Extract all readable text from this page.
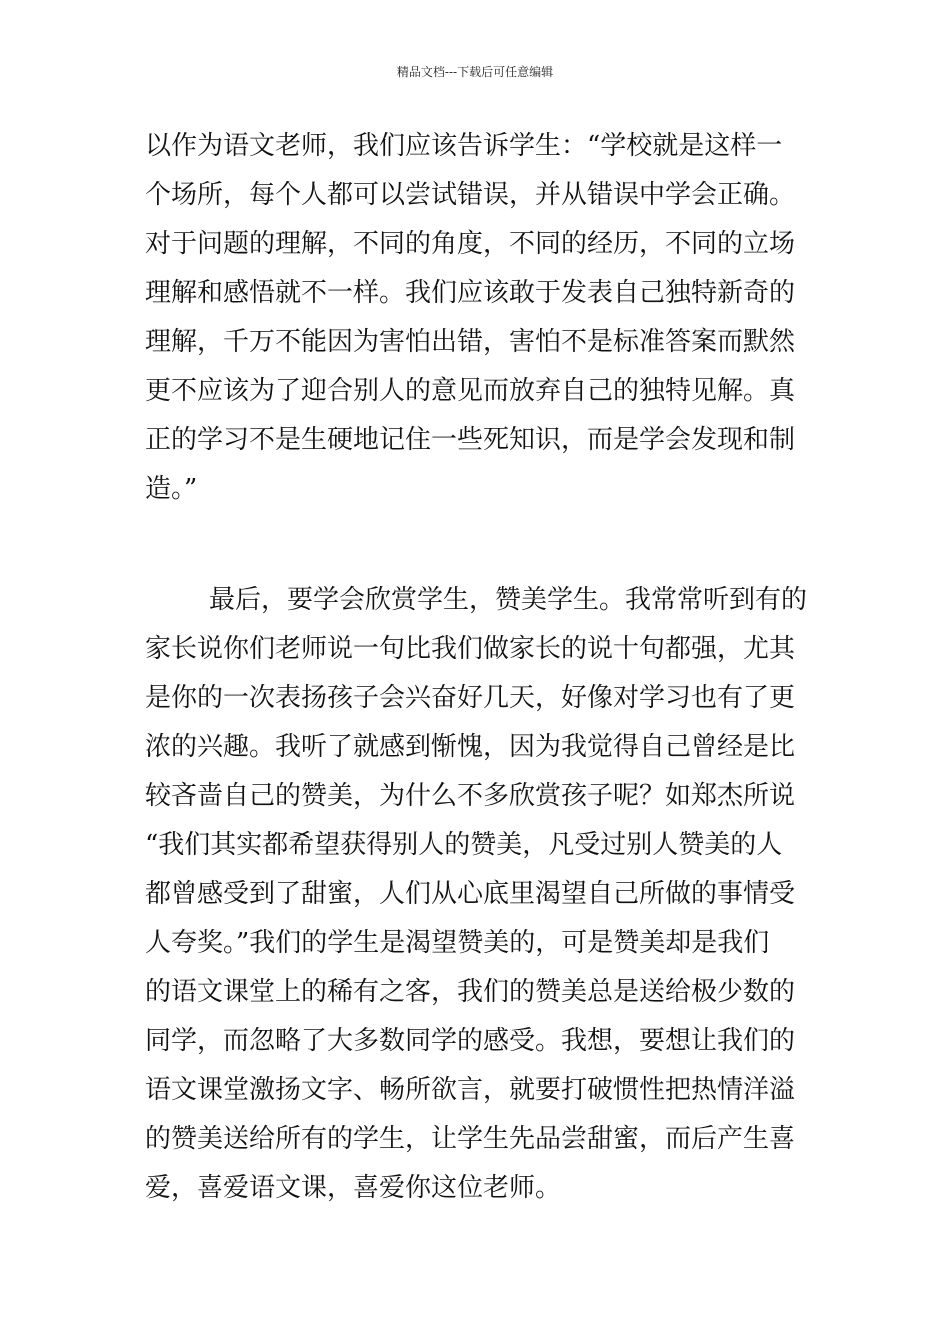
精品文档---下载后可任意编辑
以作为语文老师，我们应该告诉学生：“学校就是这样一
个场所，每个人都可以尝试错误，并从错误中学会正确。
对于问题的理解，不同的角度，不同的经历，不同的立场
理解和感悟就不一样。我们应该敢于发表自己独特新奇的
理解，千万不能因为害怕出错，害怕不是标准答案而默然
更不应该为了迎合别人的意见而放弃自己的独特见解。真
正的学习不是生硬地记住一些死知识，而是学会发现和制
造。”
最后，要学会欣赏学生，赞美学生。我常常听到有的
家长说你们老师说一句比我们做家长的说十句都强，尤其
是你的一次表扬孩子会兴奋好几天，好像对学习也有了更
浓的兴趣。我听了就感到惭愧，因为我觉得自己曾经是比
较吝啬自己的赞美，为什么不多欣赏孩子呢？如郑杰所说
“我们其实都希望获得别人的赞美，凡受过别人赞美的人
都曾感受到了甜蜜，人们从心底里渴望自己所做的事情受
人夸奖。”我们的学生是渴望赞美的，可是赞美却是我们
的语文课堂上的稀有之客，我们的赞美总是送给极少数的
同学，而忽略了大多数同学的感受。我想，要想让我们的
语文课堂激扬文字、畅所欲言，就要打破惯性把热情洋溢
的赞美送给所有的学生，让学生先品尝甜蜜，而后产生喜
爱，喜爱语文课，喜爱你这位老师。
